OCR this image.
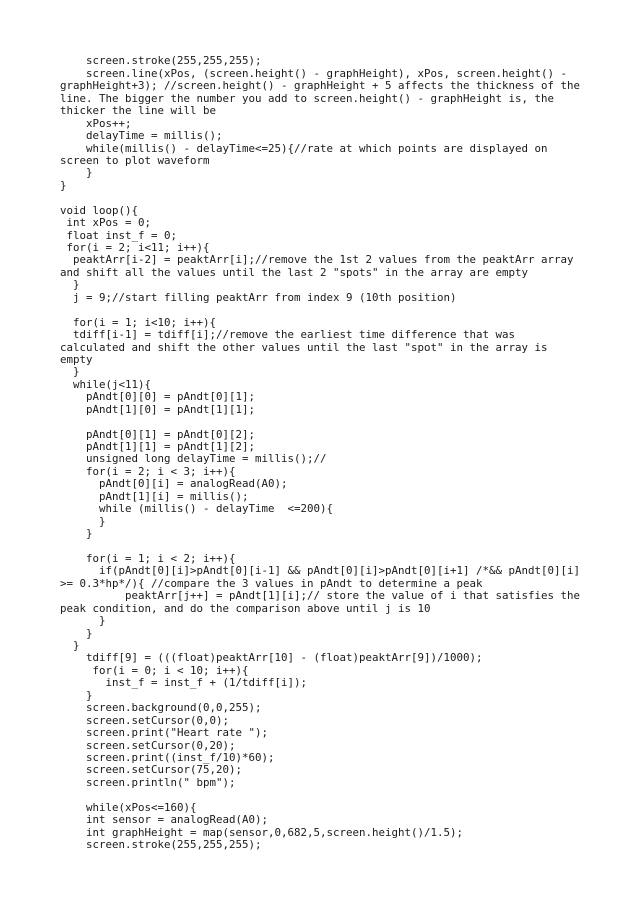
screen.stroke(255,255,255);
screen.line(xPos, (screen.height() - graphHeight), xPos, screen.height() -
graphHeight+3); //screen.height() - graphHeight + 5 affects the thickness of the
line. The bigger the number you add to screen.height() - graphHeight is, the
thicker the line will be
xPos++;
delayTime = millis();
while(millis() - delayTime<=25){//rate at which points are displayed on
screen to plot waveform
}
}
void loop(){
int xPos = 0;
float inst_f = 0;
for(i = 2; i<11; i++){
peaktArr[i-2] = peaktArr[i];//remove the 1st 2 values from the peaktArr array
and shift all the values until the last 2 "spots" in the array are empty
}
j = 9;//start filling peaktArr from index 9 (10th position)
for(i = 1; i<10; i++){
tdiff[i-1] = tdiff[i];//remove the earliest time difference that was
calculated and shift the other values until the last "spot" in the array is
empty
}
while(j<11){
pAndt[0][0] = pAndt[0][1];
pAndt[1][0] = pAndt[1][1];
pAndt[0][1] = pAndt[0][2];
pAndt[1][1] = pAndt[1][2];
unsigned long delayTime = millis();//
for(i = 2; i < 3; i++){
pAndt[0][i] = analogRead(A0);
pAndt[1][i] = millis();
while (millis() - delayTime  <=200){
}
}
for(i = 1; i < 2; i++){
if(pAndt[0][i]>pAndt[0][i-1] && pAndt[0][i]>pAndt[0][i+1] /*&& pAndt[0][i]
>= 0.3*hp*/){ //compare the 3 values in pAndt to determine a peak
peaktArr[j++] = pAndt[1][i];// store the value of i that satisfies the
peak condition, and do the comparison above until j is 10
}
}
}
tdiff[9] = (((float)peaktArr[10] - (float)peaktArr[9])/1000);
for(i = 0; i < 10; i++){
inst_f = inst_f + (1/tdiff[i]);
}
screen.background(0,0,255);
screen.setCursor(0,0);
screen.print("Heart rate ");
screen.setCursor(0,20);
screen.print((inst_f/10)*60);
screen.setCursor(75,20);
screen.println(" bpm");
while(xPos<=160){
int sensor = analogRead(A0);
int graphHeight = map(sensor,0,682,5,screen.height()/1.5);
screen.stroke(255,255,255);
